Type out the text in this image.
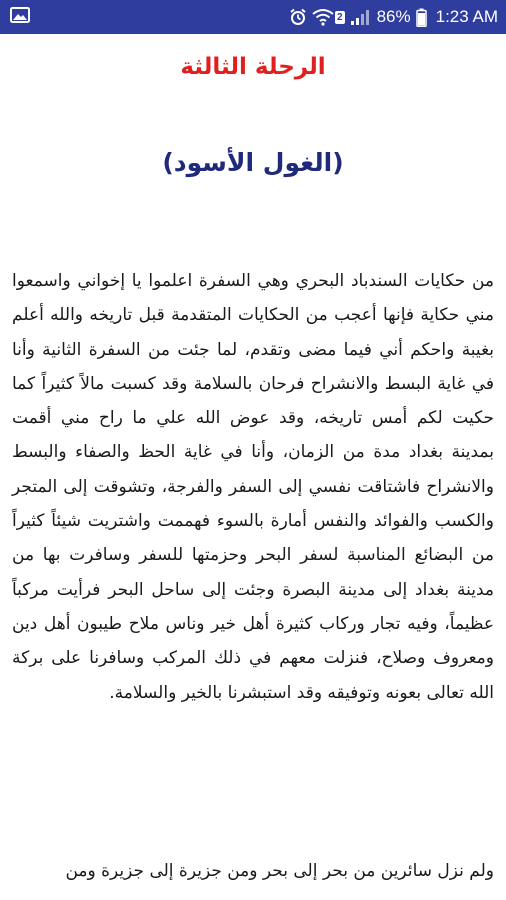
2 86% 1:23 AM
الرحلة الثالثة
(الغول الأسود)

من حكايات السندباد البحري وهي السفرة اعلموا يا إخواني واسمعوا مني حكاية فإنها أعجب من الحكايات المتقدمة قبل تاريخه والله أعلم بغيبة واحكم أني فيما مضى وتقدم، لما جئت من السفرة الثانية وأنا في غاية البسط والانشراح فرحان بالسلامة وقد كسبت مالاً كثيراً كما حكيت لكم أمس تاريخه، وقد عوض الله علي ما راح مني أقمت بمدينة بغداد مدة من الزمان، وأنا في غاية الحظ والصفاء والبسط والانشراح فاشتاقت نفسي إلى السفر والفرجة، وتشوقت إلى المتجر والكسب والفوائد والنفس أمارة بالسوء فهممت واشتريت شيئاً كثيراً من البضائع المناسبة لسفر البحر وحزمتها للسفر وسافرت بها من مدينة بغداد إلى مدينة البصرة وجئت إلى ساحل البحر فرأيت مركباً عظيماً، وفيه تجار وركاب كثيرة أهل خير وناس ملاح طيبون أهل دين ومعروف وصلاح، فنزلت معهم في ذلك المركب وسافرنا على بركة الله تعالى بعونه وتوفيقه وقد استبشرنا بالخير والسلامة.

ولم نزل سائرين من بحر إلى بحر ومن جزيرة إلى جزيرة ومن
